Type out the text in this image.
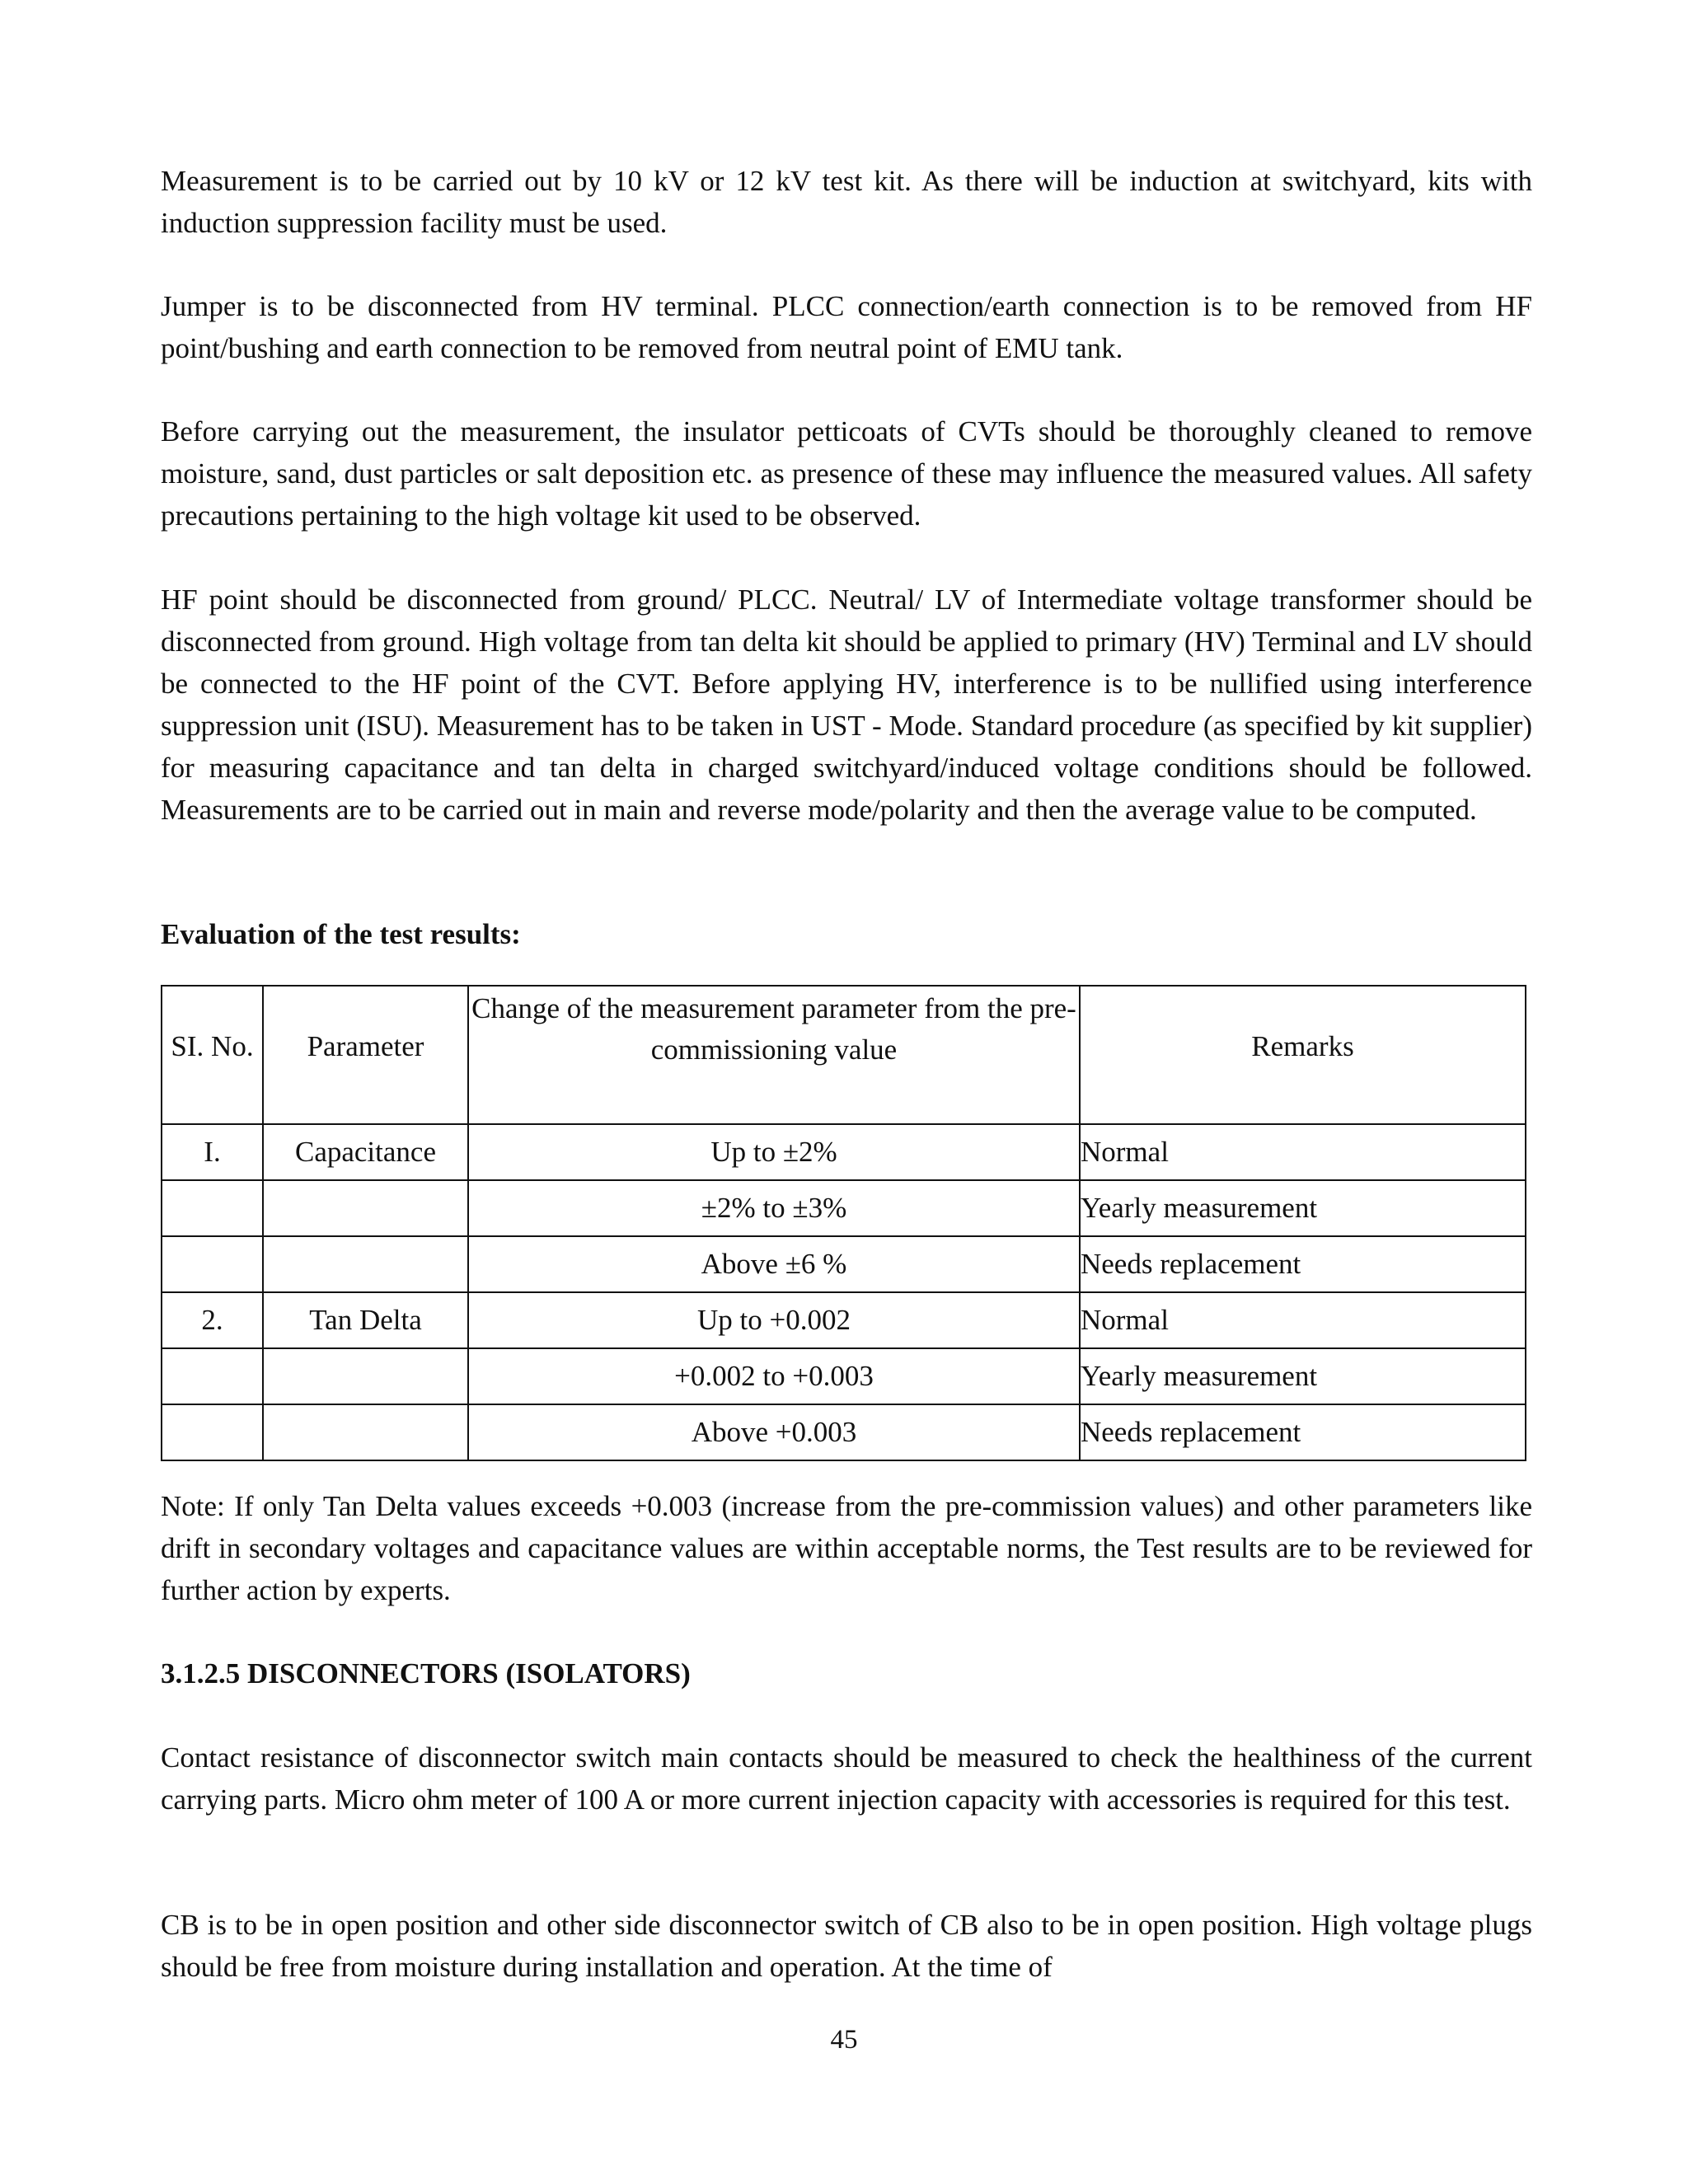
Measurement is to be carried out by 10 kV or 12 kV test kit. As there will be induction at switchyard, kits with induction suppression facility must be used.

Jumper is to be disconnected from HV terminal. PLCC connection/earth connection is to be removed from HF point/bushing and earth connection to be removed from neutral point of EMU tank.

Before carrying out the measurement, the insulator petticoats of CVTs should be thoroughly cleaned to remove moisture, sand, dust particles or salt deposition etc. as presence of these may influence the measured values. All safety precautions pertaining to the high voltage kit used to be observed.

HF point should be disconnected from ground/ PLCC. Neutral/ LV of Intermediate voltage transformer should be disconnected from ground. High voltage from tan delta kit should be applied to primary (HV) Terminal and LV should be connected to the HF point of the CVT. Before applying HV, interference is to be nullified using interference suppression unit (ISU). Measurement has to be taken in UST - Mode. Standard procedure (as specified by kit supplier) for measuring capacitance and tan delta in charged switchyard/induced voltage conditions should be followed. Measurements are to be carried out in main and reverse mode/polarity and then the average value to be computed.

Evaluation of the test results:

SI. No.	Parameter	Change of the measurement parameter from the pre-commissioning value	Remarks
I.	Capacitance	Up to ±2%	Normal
		±2% to ±3%	Yearly measurement
		Above ±6 %	Needs replacement
2.	Tan Delta	Up to +0.002	Normal
		+0.002 to +0.003	Yearly measurement
		Above +0.003	Needs replacement

Note: If only Tan Delta values exceeds +0.003 (increase from the pre-commission values) and other parameters like drift in secondary voltages and capacitance values are within acceptable norms, the Test results are to be reviewed for further action by experts.

3.1.2.5 DISCONNECTORS (ISOLATORS)

Contact resistance of disconnector switch main contacts should be measured to check the healthiness of the current carrying parts. Micro ohm meter of 100 A or more current injection capacity with accessories is required for this test.

CB is to be in open position and other side disconnector switch of CB also to be in open position. High voltage plugs should be free from moisture during installation and operation. At the time of

45
